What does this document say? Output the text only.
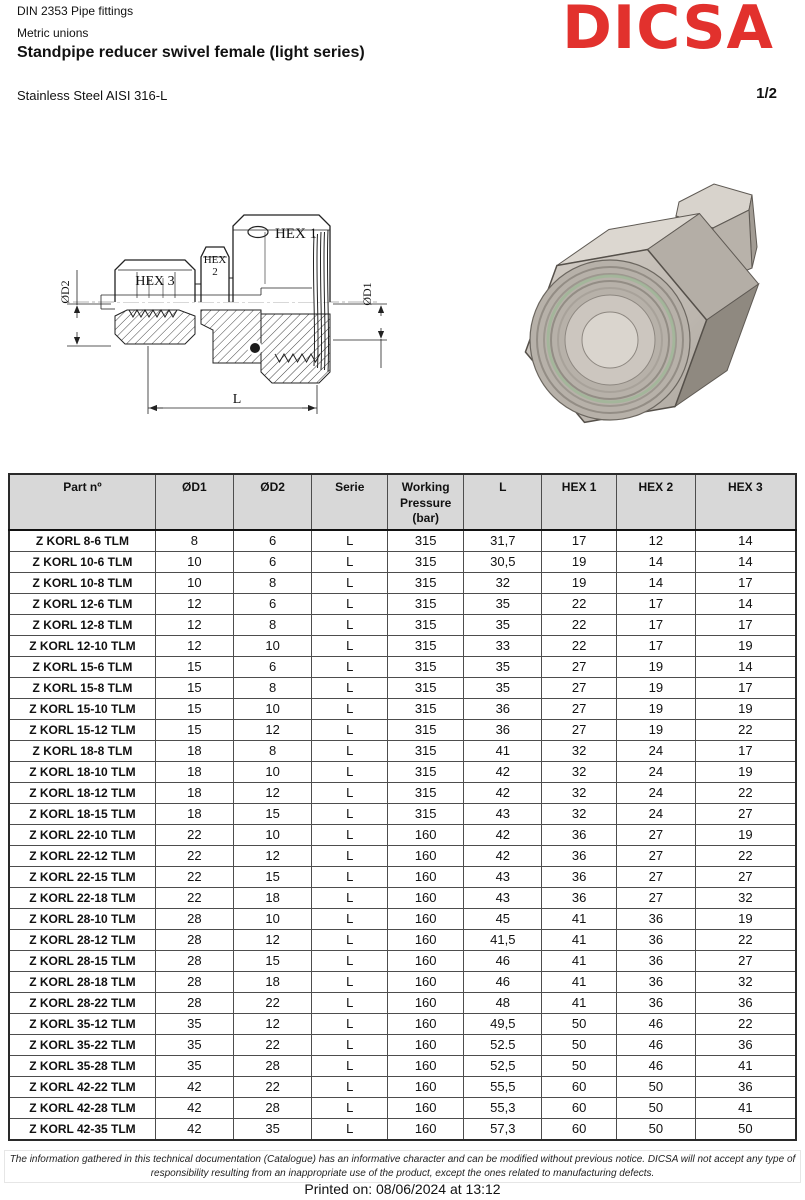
DIN 2353 Pipe fittings
Metric unions
Standpipe reducer swivel female (light series)
Stainless Steel AISI 316-L	1/2
DICSA
HEX 3
HEX
2
HEX 1
ØD2	ØD1
L
Part nº	ØD1	ØD2	Serie	Working Pressure (bar)	L	HEX 1	HEX 2	HEX 3
Z KORL 8-6 TLM	8	6	L	315	31,7	17	12	14
Z KORL 10-6 TLM	10	6	L	315	30,5	19	14	14
Z KORL 10-8 TLM	10	8	L	315	32	19	14	17
Z KORL 12-6 TLM	12	6	L	315	35	22	17	14
Z KORL 12-8 TLM	12	8	L	315	35	22	17	17
Z KORL 12-10 TLM	12	10	L	315	33	22	17	19
Z KORL 15-6 TLM	15	6	L	315	35	27	19	14
Z KORL 15-8 TLM	15	8	L	315	35	27	19	17
Z KORL 15-10 TLM	15	10	L	315	36	27	19	19
Z KORL 15-12 TLM	15	12	L	315	36	27	19	22
Z KORL 18-8 TLM	18	8	L	315	41	32	24	17
Z KORL 18-10 TLM	18	10	L	315	42	32	24	19
Z KORL 18-12 TLM	18	12	L	315	42	32	24	22
Z KORL 18-15 TLM	18	15	L	315	43	32	24	27
Z KORL 22-10 TLM	22	10	L	160	42	36	27	19
Z KORL 22-12 TLM	22	12	L	160	42	36	27	22
Z KORL 22-15 TLM	22	15	L	160	43	36	27	27
Z KORL 22-18 TLM	22	18	L	160	43	36	27	32
Z KORL 28-10 TLM	28	10	L	160	45	41	36	19
Z KORL 28-12 TLM	28	12	L	160	41,5	41	36	22
Z KORL 28-15 TLM	28	15	L	160	46	41	36	27
Z KORL 28-18 TLM	28	18	L	160	46	41	36	32
Z KORL 28-22 TLM	28	22	L	160	48	41	36	36
Z KORL 35-12 TLM	35	12	L	160	49,5	50	46	22
Z KORL 35-22 TLM	35	22	L	160	52.5	50	46	36
Z KORL 35-28 TLM	35	28	L	160	52,5	50	46	41
Z KORL 42-22 TLM	42	22	L	160	55,5	60	50	36
Z KORL 42-28 TLM	42	28	L	160	55,3	60	50	41
Z KORL 42-35 TLM	42	35	L	160	57,3	60	50	50
The information gathered in this technical documentation (Catalogue) has an informative character and can be modified without previous notice. DICSA will not accept any type of responsibility resulting from an inappropriate use of the product, except the ones related to manufacturing defects.
Printed on: 08/06/2024 at 13:12
